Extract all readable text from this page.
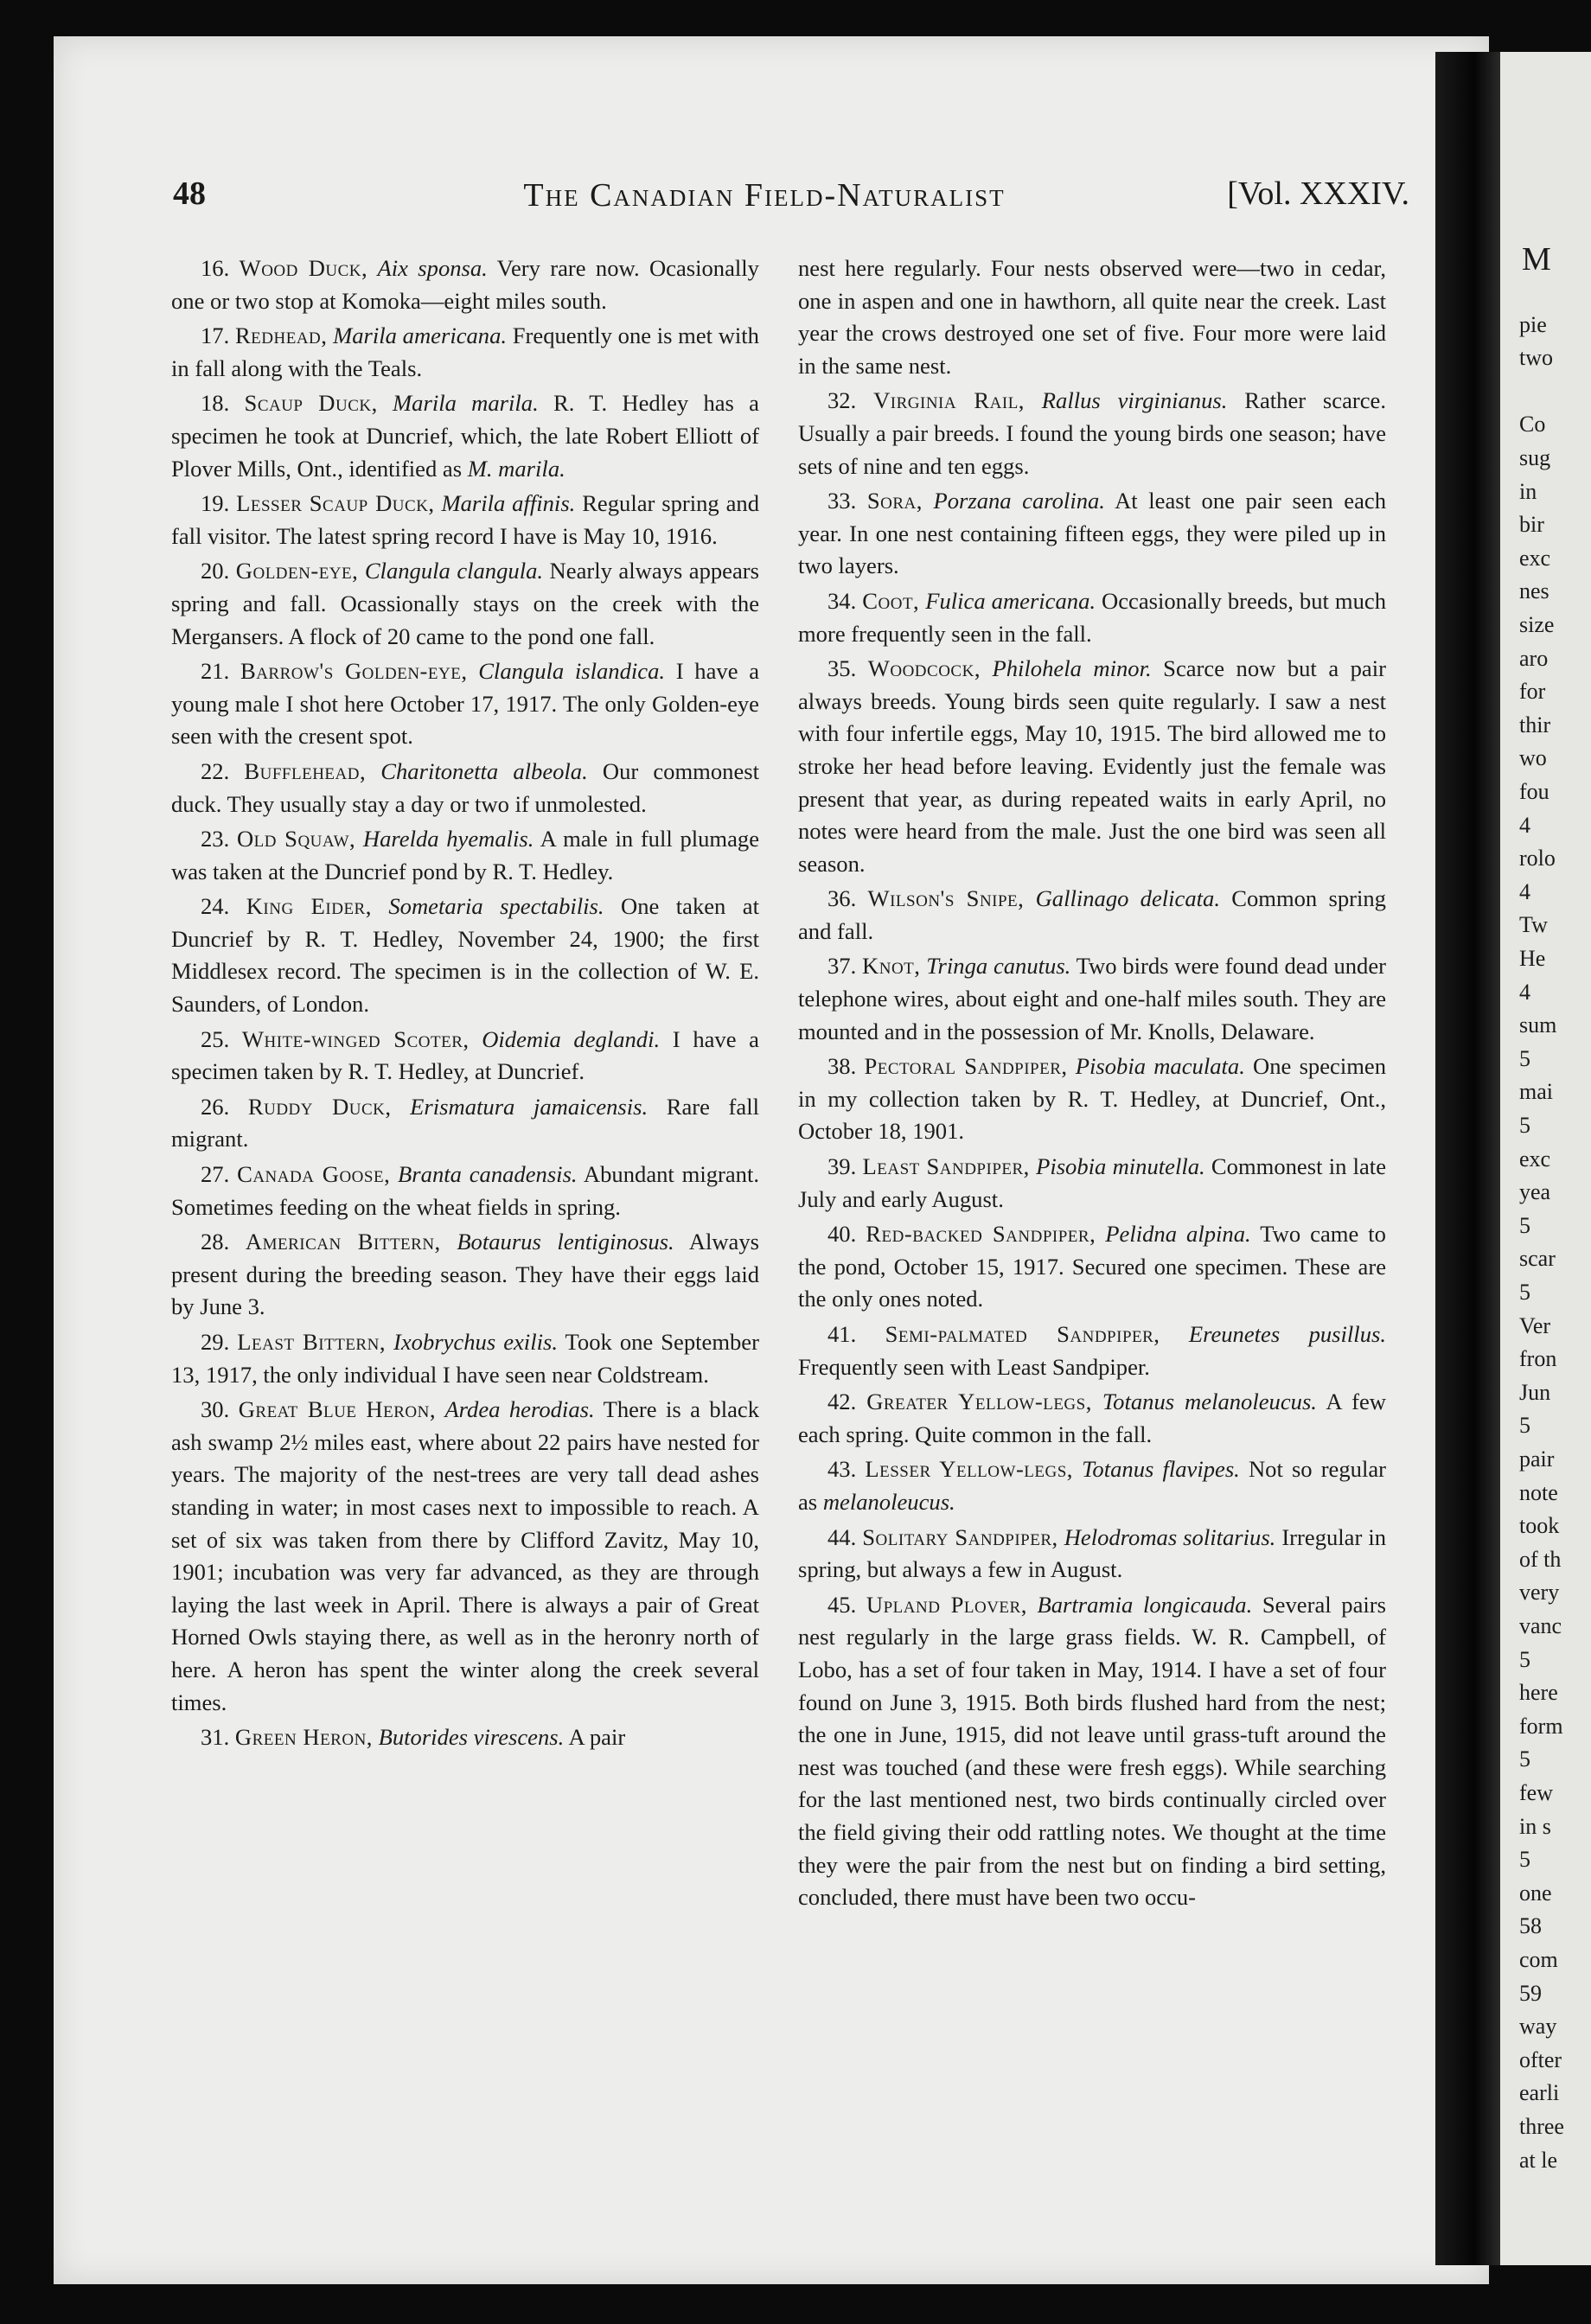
M
pie
two
Co
sug
in
bir
exc
nes
size
aro
for
thir
wo
fou
4
rolo
4
Tw
He
4
sum
5
mai
5
exc
yea
5
scar
5
Ver
fron
Jun
5
pair
note
took
of th
very
vanc
5
here
form
5
few
in s
5
one
58
com
59
way
ofter
earli
three
at le
48	The Canadian Field-Naturalist	[Vol. XXXIV.

16. Wood Duck, Aix sponsa. Very rare now. Ocasionally one or two stop at Komoka—eight miles south.

17. Redhead, Marila americana. Frequently one is met with in fall along with the Teals.

18. Scaup Duck, Marila marila. R. T. Hedley has a specimen he took at Duncrief, which, the late Robert Elliott of Plover Mills, Ont., identified as M. marila.

19. Lesser Scaup Duck, Marila affinis. Regular spring and fall visitor. The latest spring record I have is May 10, 1916.

20. Golden-eye, Clangula clangula. Nearly always appears spring and fall. Ocassionally stays on the creek with the Mergansers. A flock of 20 came to the pond one fall.

21. Barrow's Golden-eye, Clangula islandica. I have a young male I shot here October 17, 1917. The only Golden-eye seen with the cresent spot.

22. Bufflehead, Charitonetta albeola. Our commonest duck. They usually stay a day or two if unmolested.

23. Old Squaw, Harelda hyemalis. A male in full plumage was taken at the Duncrief pond by R. T. Hedley.

24. King Eider, Sometaria spectabilis. One taken at Duncrief by R. T. Hedley, November 24, 1900; the first Middlesex record. The specimen is in the collection of W. E. Saunders, of London.

25. White-winged Scoter, Oidemia deglandi. I have a specimen taken by R. T. Hedley, at Duncrief.

26. Ruddy Duck, Erismatura jamaicensis. Rare fall migrant.

27. Canada Goose, Branta canadensis. Abundant migrant. Sometimes feeding on the wheat fields in spring.

28. American Bittern, Botaurus lentiginosus. Always present during the breeding season. They have their eggs laid by June 3.

29. Least Bittern, Ixobrychus exilis. Took one September 13, 1917, the only individual I have seen near Coldstream.

30. Great Blue Heron, Ardea herodias. There is a black ash swamp 2½ miles east, where about 22 pairs have nested for years. The majority of the nest-trees are very tall dead ashes standing in water; in most cases next to impossible to reach. A set of six was taken from there by Clifford Zavitz, May 10, 1901; incubation was very far advanced, as they are through laying the last week in April. There is always a pair of Great Horned Owls staying there, as well as in the heronry north of here. A heron has spent the winter along the creek several times.

31. Green Heron, Butorides virescens. A pair

nest here regularly. Four nests observed were—two in cedar, one in aspen and one in hawthorn, all quite near the creek. Last year the crows destroyed one set of five. Four more were laid in the same nest.

32. Virginia Rail, Rallus virginianus. Rather scarce. Usually a pair breeds. I found the young birds one season; have sets of nine and ten eggs.

33. Sora, Porzana carolina. At least one pair seen each year. In one nest containing fifteen eggs, they were piled up in two layers.

34. Coot, Fulica americana. Occasionally breeds, but much more frequently seen in the fall.

35. Woodcock, Philohela minor. Scarce now but a pair always breeds. Young birds seen quite regularly. I saw a nest with four infertile eggs, May 10, 1915. The bird allowed me to stroke her head before leaving. Evidently just the female was present that year, as during repeated waits in early April, no notes were heard from the male. Just the one bird was seen all season.

36. Wilson's Snipe, Gallinago delicata. Common spring and fall.

37. Knot, Tringa canutus. Two birds were found dead under telephone wires, about eight and one-half miles south. They are mounted and in the possession of Mr. Knolls, Delaware.

38. Pectoral Sandpiper, Pisobia maculata. One specimen in my collection taken by R. T. Hedley, at Duncrief, Ont., October 18, 1901.

39. Least Sandpiper, Pisobia minutella. Commonest in late July and early August.

40. Red-backed Sandpiper, Pelidna alpina. Two came to the pond, October 15, 1917. Secured one specimen. These are the only ones noted.

41. Semi-palmated Sandpiper, Ereunetes pusillus. Frequently seen with Least Sandpiper.

42. Greater Yellow-legs, Totanus melanoleucus. A few each spring. Quite common in the fall.

43. Lesser Yellow-legs, Totanus flavipes. Not so regular as melanoleucus.

44. Solitary Sandpiper, Helodromas solitarius. Irregular in spring, but always a few in August.

45. Upland Plover, Bartramia longicauda. Several pairs nest regularly in the large grass fields. W. R. Campbell, of Lobo, has a set of four taken in May, 1914. I have a set of four found on June 3, 1915. Both birds flushed hard from the nest; the one in June, 1915, did not leave until grass-tuft around the nest was touched (and these were fresh eggs). While searching for the last mentioned nest, two birds continually circled over the field giving their odd rattling notes. We thought at the time they were the pair from the nest but on finding a bird setting, concluded, there must have been two occu-
